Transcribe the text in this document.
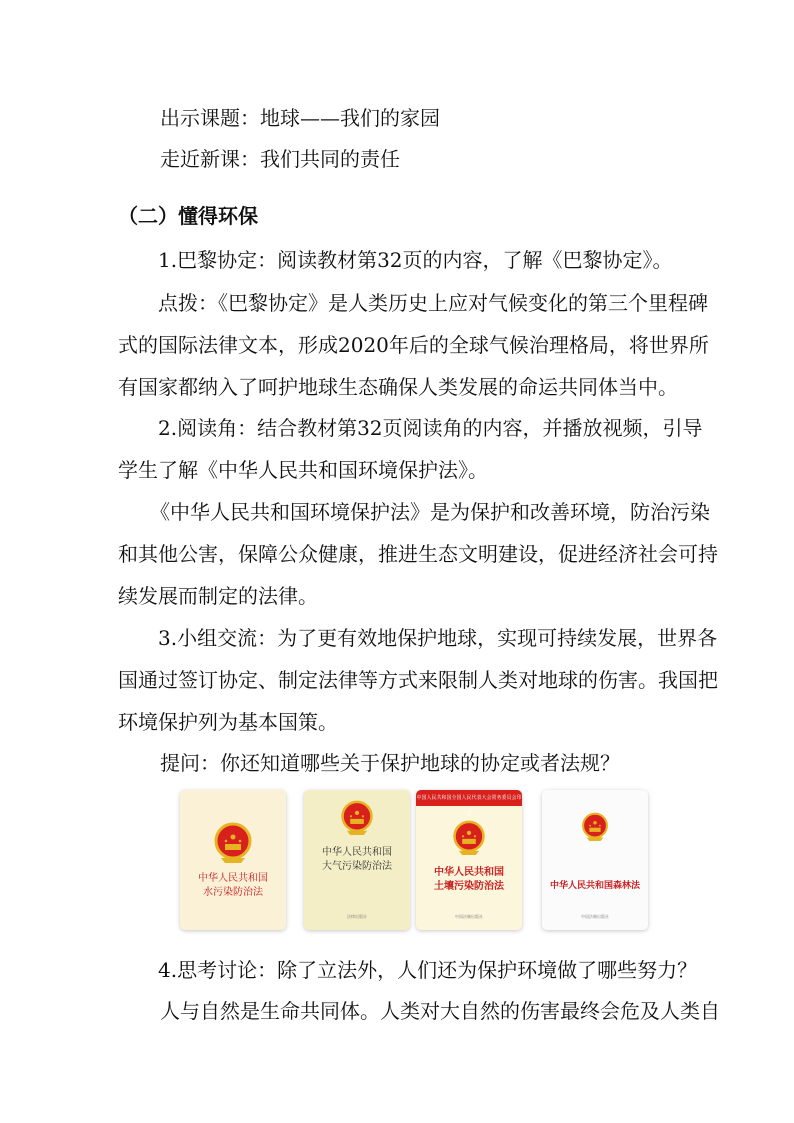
出示课题：地球——我们的家园
走近新课：我们共同的责任
（二）懂得环保
1.巴黎协定：阅读教材第32页的内容，了解《巴黎协定》。
点拨：《巴黎协定》是人类历史上应对气候变化的第三个里程碑
式的国际法律文本，形成2020年后的全球气候治理格局，将世界所
有国家都纳入了呵护地球生态确保人类发展的命运共同体当中。
2.阅读角：结合教材第32页阅读角的内容，并播放视频，引导
学生了解《中华人民共和国环境保护法》。
《中华人民共和国环境保护法》是为保护和改善环境，防治污染
和其他公害，保障公众健康，推进生态文明建设，促进经济社会可持
续发展而制定的法律。
3.小组交流：为了更有效地保护地球，实现可持续发展，世界各
国通过签订协定、制定法律等方式来限制人类对地球的伤害。我国把
环境保护列为基本国策。
提问：你还知道哪些关于保护地球的协定或者法规？
中华人民共和国
水污染防治法
中华人民共和国
大气污染防治法
法律出版社
中国人民共和国全国人民代表大会常务委员会印制
中华人民共和国
土壤污染防治法
中国法制出版社
中华人民共和国森林法
中国法制出版社
4.思考讨论：除了立法外，人们还为保护环境做了哪些努力？
人与自然是生命共同体。人类对大自然的伤害最终会危及人类自
